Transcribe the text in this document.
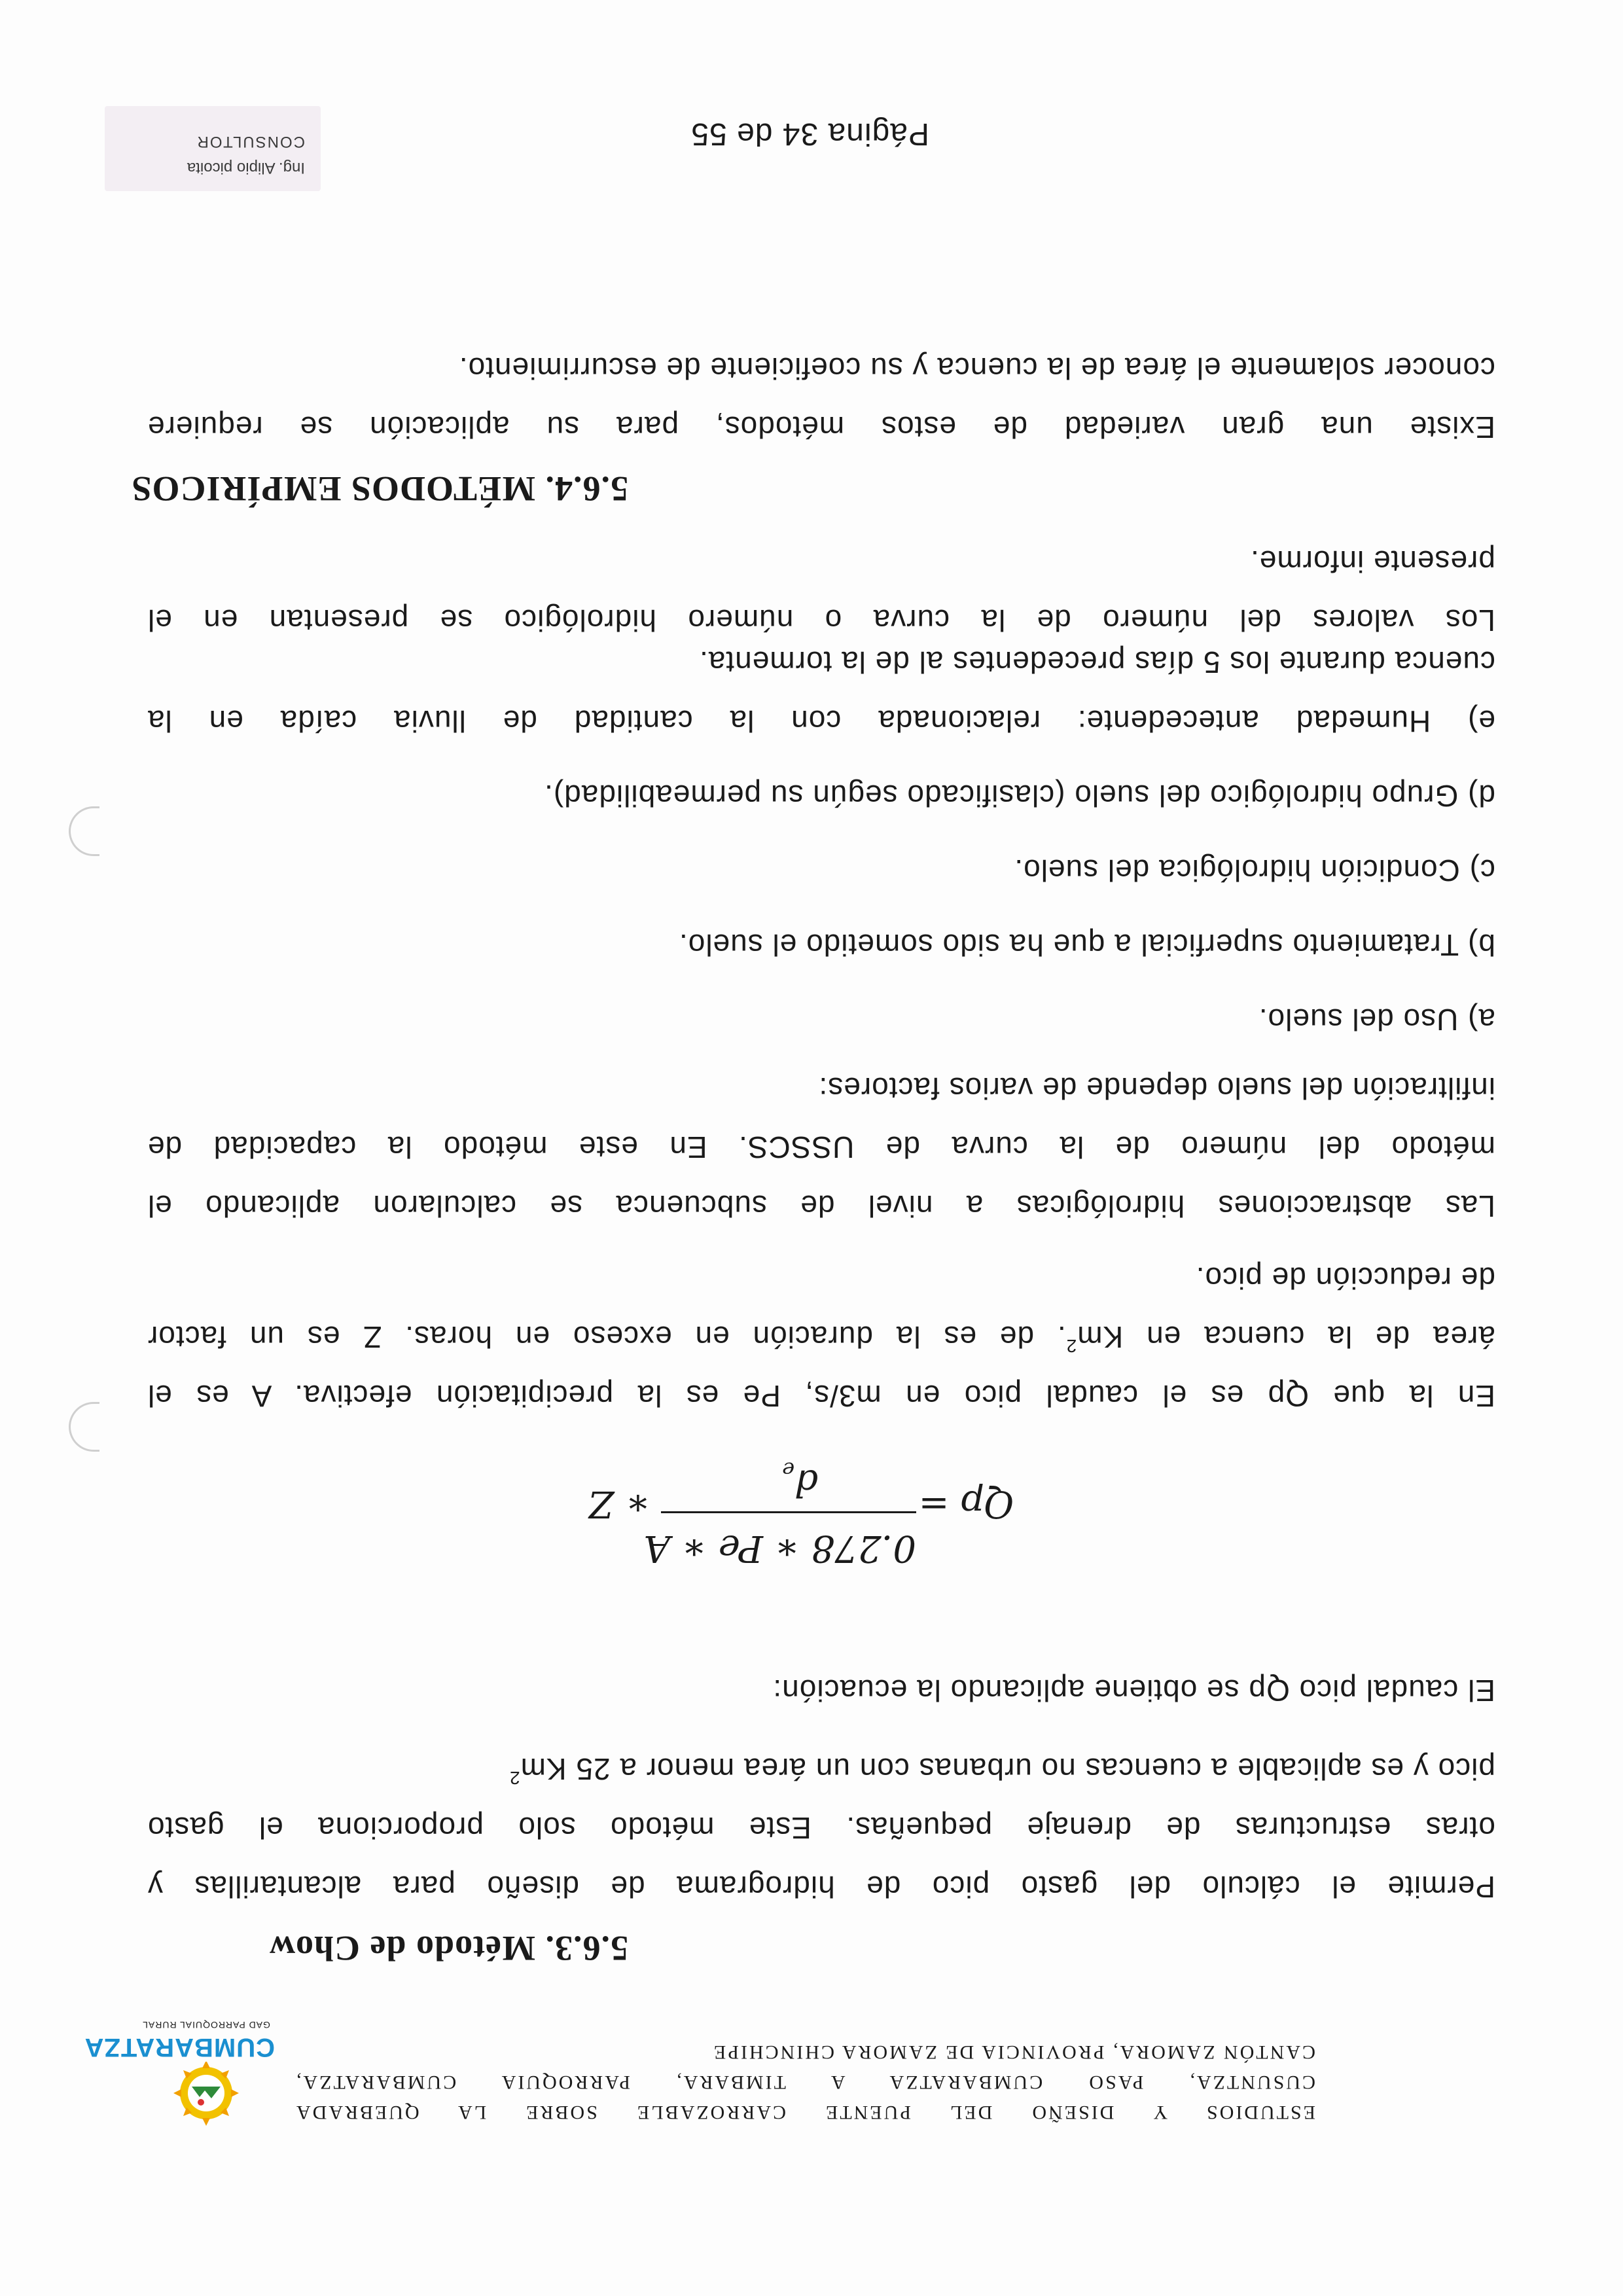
ESTUDIOS Y DISEÑO DEL PUENTE CARROZABLE SOBRE LA QUEBRADA
CUSUNTZA, PASO CUMBARATZA A TIMBARA, PARROQUIA CUMBARATZA,
CANTÓN ZAMORA, PROVINCIA DE ZAMORA CHINCHIPE
CUMBARATZA
GAD PARROQUIAL RURAL
5.6.3. Método de Chow
Permite el cálculo del gasto pico de hidrograma de diseño para alcantarillas y
otras estructuras de drenaje pequeñas. Este método solo proporciona el gasto
pico y es aplicable a cuencas no urbanas con un área menor a 25 Km$^2$
El caudal pico Qp se obtiene aplicando la ecuación:
Qp =
0.278 ∗ Pe ∗ A
$d_e$
∗ Z
En la que Qp es el caudal pico en m3/s, Pe es la precipitación efectiva. A es el
área de la cuenca en Km$^2$. de es la duración en exceso en horas. Z es un factor
de reducción de pico.
Las abstracciones hidrológicas a nivel de subcuenca se calcularon aplicando el
método del número de la curva de USSCS. En este método la capacidad de
infiltración del suelo depende de varios factores:
a) Uso del suelo.
b) Tratamiento superficial a que ha sido sometido el suelo.
c) Condición hidrológica del suelo.
d) Grupo hidrológico del suelo (clasificado según su permeabilidad).
e) Humedad antecedente: relacionada con la cantidad de lluvia caída en la
cuenca durante los 5 días precedentes al de la tormenta.
Los valores del número de la curva o número hidrológico se presentan en el
presente informe.
5.6.4. MÉTODOS EMPÍRICOS
Existe una gran variedad de estos métodos, para su aplicación se requiere
conocer solamente el área de la cuenca y su coeficiente de escurrimiento.
Página 34 de 55
Ing. Alipio picoita
CONSULTOR
